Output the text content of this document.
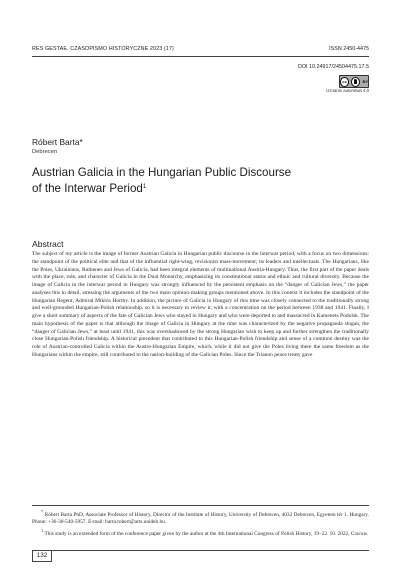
RES GESTAE. CZASOPISMO HISTORYCZNE 2023 (17)	ISSN 2450-4475
DOI 10.24917/24504475.17.5
cc	BY
Uznanie autorstwa 4.0
Róbert Barta*
Debrecen
Austrian Galicia in the Hungarian Public Discourse
of the Interwar Period$^1$
Abstract
The subject of my article is the image of former Austrian Galicia in Hungarian public discourse in the interwar period, with a focus on two dimensions: the standpoint of the political elite and that of the influential right-wing, revisionist mass-movement; its leaders and intellectuals. The Hungarians, like the Poles, Ukrainians, Ruthenes and Jews of Galicia, had been integral elements of multinational Austria-Hungary. Thus, the first part of the paper deals with the place, role, and character of Galicia in the Dual Monarchy, emphasizing its constitutional status and ethnic and cultural diversity. Because the image of Galicia in the interwar period in Hungary was strongly influenced by the persistent emphasis on the “danger of Galician Jews,” the paper analyses this in detail, stressing the arguments of the two main opinion-making groups mentioned above. In this context it includes the standpoint of the Hungarian Regent, Admiral Miklós Horthy. In addition, the picture of Galicia in Hungary of this time was closely connected to the traditionally strong and well-grounded Hungarian-Polish relationship, so it is necessary to review it, with a concentration on the period between 1938 and 1941. Finally, I give a short summary of aspects of the fate of Galician Jews who stayed in Hungary and who were deported to and massacred in Kamenets Podolsk. The main hypothesis of the paper is that although the image of Galicia in Hungary at the time was characterized by the negative propaganda slogan, the “danger of Galician Jews,” at least until 1941, this was overshadowed by the strong Hungarian wish to keep up and further strengthen the traditionally close Hungarian-Polish friendship. A historical precedent that contributed to this Hungarian-Polish friendship and sense of a common destiny was the role of Austrian-controlled Galicia within the Austro-Hungarian Empire, which, while it did not give the Poles living there the same freedom as the Hungarians within the empire, still contributed to the nation-building of the Galician Poles. Since the Trianon peace treaty gave

* Róbert Barta PhD, Associate Professor of History, Director of the Institute of History, University of Debrecen, 4032 Debrecen, Egyetem tér 1. Hungary. Phone: +36-30-540-5957. E-mail: barta.robert@arts.unideb.hu.

$^1$ This study is an extended form of the conference paper given by the author at the 4th International Congress of Polish History, 19–22. 10. 2022, Cracow.

132
